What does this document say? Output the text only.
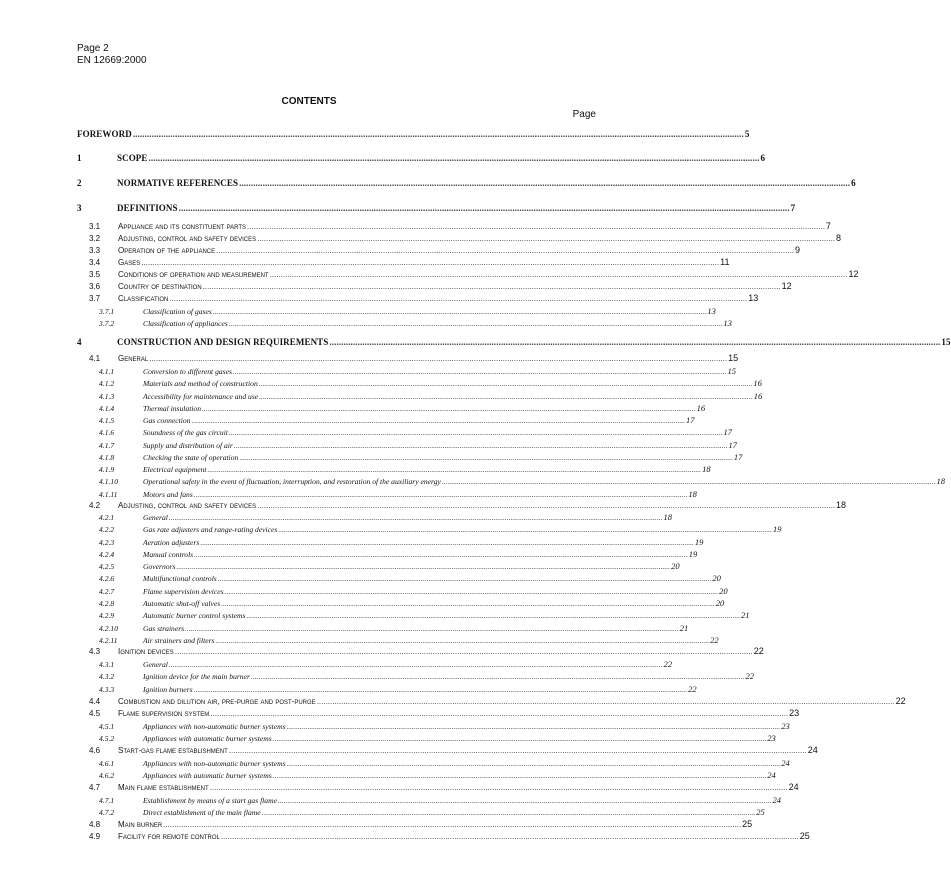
Page 2
EN 12669:2000
CONTENTS
Page
FOREWORD .................................................................................................................................................................................................................................................................... 5
1	SCOPE .................................................................................................................................................................................................................................................................... 6
2	NORMATIVE REFERENCES .................................................................................................................................................................................................................................................................... 6
3	DEFINITIONS .................................................................................................................................................................................................................................................................... 7
3.1 Appliance and its constituent parts .................................................................................................................................................................................................................................................................... 7
3.2 Adjusting, control and safety devices .................................................................................................................................................................................................................................................................... 8
3.3 Operation of the appliance .................................................................................................................................................................................................................................................................... 9
3.4 Gases .................................................................................................................................................................................................................................................................... 11
3.5 Conditions of operation and measurement .................................................................................................................................................................................................................................................................... 12
3.6 Country of destination .................................................................................................................................................................................................................................................................... 12
3.7 Classification .................................................................................................................................................................................................................................................................... 13
3.7.1	Classification of gases .................................................................................................................................................................................................................................................................... 13
3.7.2	Classification of appliances .................................................................................................................................................................................................................................................................... 13
4	CONSTRUCTION AND DESIGN REQUIREMENTS .................................................................................................................................................................................................................................................................... 15
4.1 General .................................................................................................................................................................................................................................................................... 15
4.1.1	Conversion to different gases .................................................................................................................................................................................................................................................................... 15
4.1.2	Materials and method of construction .................................................................................................................................................................................................................................................................... 16
4.1.3	Accessibility for maintenance and use .................................................................................................................................................................................................................................................................... 16
4.1.4	Thermal insulation .................................................................................................................................................................................................................................................................... 16
4.1.5	Gas connection .................................................................................................................................................................................................................................................................... 17
4.1.6	Soundness of the gas circuit .................................................................................................................................................................................................................................................................... 17
4.1.7	Supply and distribution of air .................................................................................................................................................................................................................................................................... 17
4.1.8	Checking the state of operation .................................................................................................................................................................................................................................................................... 17
4.1.9	Electrical equipment .................................................................................................................................................................................................................................................................... 18
4.1.10	Operational safety in the event of fluctuation, interruption, and restoration of the auxiliary energy .................................................................................................................................................................................................................................................................... 18
4.1.11	Motors and fans .................................................................................................................................................................................................................................................................... 18
4.2 Adjusting, control and safety devices .................................................................................................................................................................................................................................................................... 18
4.2.1	General .................................................................................................................................................................................................................................................................... 18
4.2.2	Gas rate adjusters and range-rating devices .................................................................................................................................................................................................................................................................... 19
4.2.3	Aeration adjusters .................................................................................................................................................................................................................................................................... 19
4.2.4	Manual controls .................................................................................................................................................................................................................................................................... 19
4.2.5	Governors .................................................................................................................................................................................................................................................................... 20
4.2.6	Multifunctional controls .................................................................................................................................................................................................................................................................... 20
4.2.7	Flame supervision devices .................................................................................................................................................................................................................................................................... 20
4.2.8	Automatic shut-off valves .................................................................................................................................................................................................................................................................... 20
4.2.9	Automatic burner control systems .................................................................................................................................................................................................................................................................... 21
4.2.10	Gas strainers .................................................................................................................................................................................................................................................................... 21
4.2.11	Air strainers and filters .................................................................................................................................................................................................................................................................... 22
4.3 Ignition devices .................................................................................................................................................................................................................................................................... 22
4.3.1	General .................................................................................................................................................................................................................................................................... 22
4.3.2	Ignition device for the main burner .................................................................................................................................................................................................................................................................... 22
4.3.3	Ignition burners .................................................................................................................................................................................................................................................................... 22
4.4 Combustion and dilution air, pre-purge and post-purge .................................................................................................................................................................................................................................................................... 22
4.5 Flame supervision system .................................................................................................................................................................................................................................................................... 23
4.5.1	Appliances with non-automatic burner systems .................................................................................................................................................................................................................................................................... 23
4.5.2	Appliances with automatic burner systems .................................................................................................................................................................................................................................................................... 23
4.6 Start-gas flame establishment .................................................................................................................................................................................................................................................................... 24
4.6.1	Appliances with non-automatic burner systems .................................................................................................................................................................................................................................................................... 24
4.6.2	Appliances with automatic burner systems .................................................................................................................................................................................................................................................................... 24
4.7 Main flame establishment .................................................................................................................................................................................................................................................................... 24
4.7.1	Establishment by means of a start gas flame .................................................................................................................................................................................................................................................................... 24
4.7.2	Direct establishment of the main flame .................................................................................................................................................................................................................................................................... 25
4.8 Main burner .................................................................................................................................................................................................................................................................... 25
4.9 Facility for remote control .................................................................................................................................................................................................................................................................... 25
